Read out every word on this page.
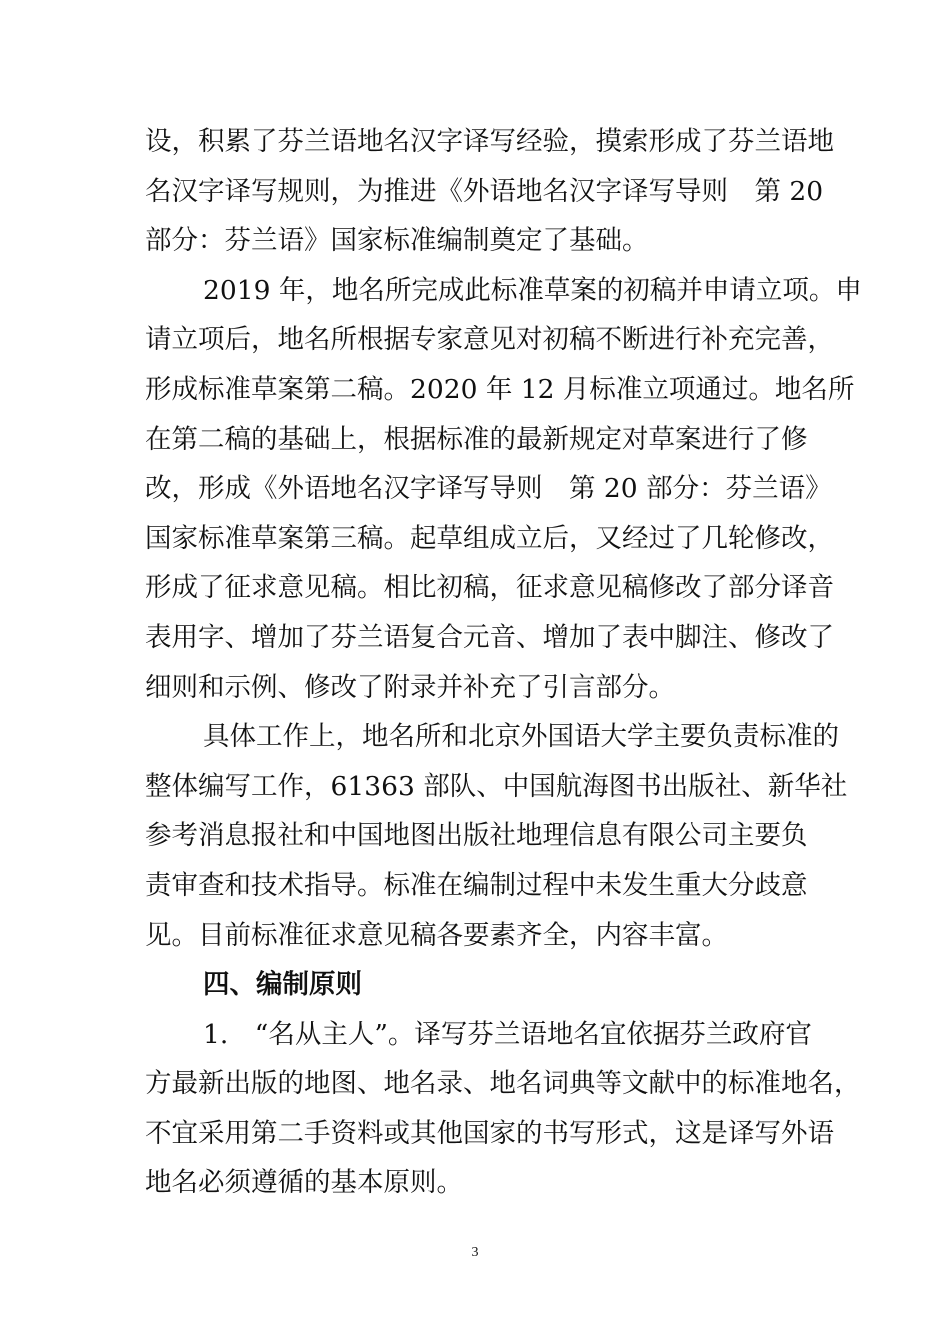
设，积累了芬兰语地名汉字译写经验，摸索形成了芬兰语地
名汉字译写规则，为推进《外语地名汉字译写导则　第 20
部分：芬兰语》国家标准编制奠定了基础。
2019 年，地名所完成此标准草案的初稿并申请立项。申
请立项后，地名所根据专家意见对初稿不断进行补充完善，
形成标准草案第二稿。2020 年 12 月标准立项通过。地名所
在第二稿的基础上，根据标准的最新规定对草案进行了修
改，形成《外语地名汉字译写导则　第 20 部分：芬兰语》
国家标准草案第三稿。起草组成立后，又经过了几轮修改，
形成了征求意见稿。相比初稿，征求意见稿修改了部分译音
表用字、增加了芬兰语复合元音、增加了表中脚注、修改了
细则和示例、修改了附录并补充了引言部分。
具体工作上，地名所和北京外国语大学主要负责标准的
整体编写工作，61363 部队、中国航海图书出版社、新华社
参考消息报社和中国地图出版社地理信息有限公司主要负
责审查和技术指导。标准在编制过程中未发生重大分歧意
见。目前标准征求意见稿各要素齐全，内容丰富。
四、编制原则
1.　“名从主人”。译写芬兰语地名宜依据芬兰政府官
方最新出版的地图、地名录、地名词典等文献中的标准地名，
不宜采用第二手资料或其他国家的书写形式，这是译写外语
地名必须遵循的基本原则。
3
